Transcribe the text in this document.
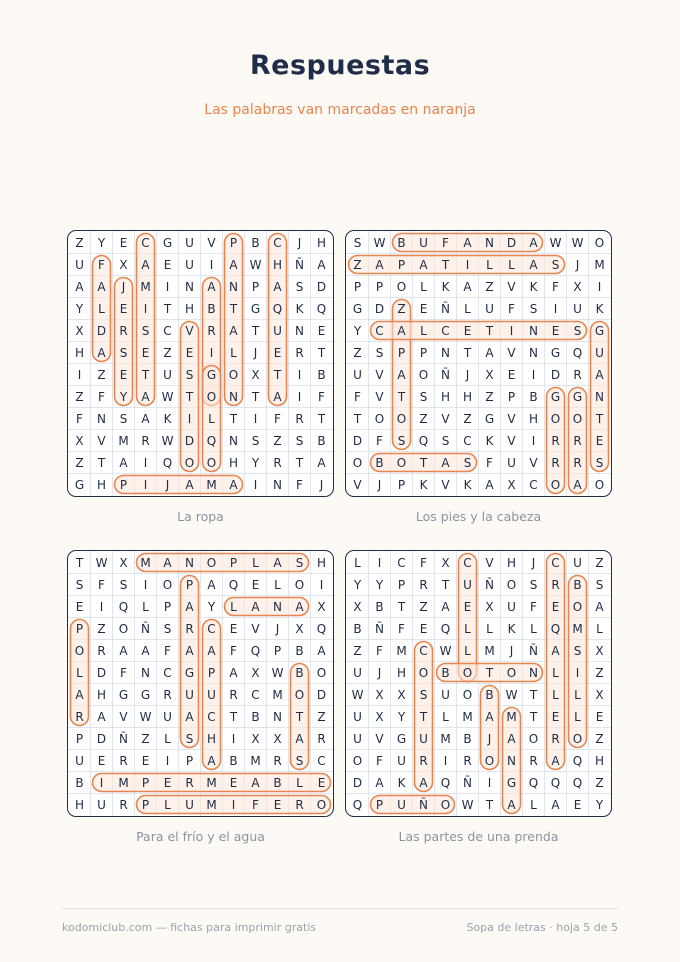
Respuestas
Las palabras van marcadas en naranja
Z Y E C G U V P B C J H
U F X A E U I A W H Ñ A
A A J M I N A N P A S D
Y L E I T H B T G Q K Q
X D R S C V R A T U N E
H A S E Z E I L J E R T
I Z E T U S G O X T I B
Z F Y A W T O N T A I F
F N S A K I L T I F R T
X V M R W D Q N S Z S B
Z T A I Q O O H Y R T A
G H P I J A M A I N F J
La ropa
S W B U F A N D A W W O
Z A P A T I L L A S J M
P P O L K A Z V K F X I
G D Z E Ñ L U F S I U K
Y C A L C E T I N E S G
Z S P P N T A V N G Q U
U V A O Ñ J X E I D R A
F V T S H H Z P B G G N
T O O Z V Z G V H O O T
D F S Q S C K V I R R E
O B O T A S F U V R R S
V J P K V K A X C O A O
Los pies y la cabeza
T W X M A N O P L A S H
S F S I O P A Q E L O I
E I Q L P A Y L A N A X
P Z O Ñ S R C E V J X Q
O R A A F A A F Q P B A
L D F N C G P A X W B O
A H G G R U U R C M O D
R A V W U A C T B N T Z
P D Ñ Z L S H I X X A R
U E R E I P A B M R S C
B I M P E R M E A B L E
H U R P L U M I F E R O
Para el frío y el agua
L I C F X C V H J C U Z
Y Y P R T U Ñ O S R B S
X B T Z A E X U F E O A
B Ñ F E Q L L K L Q M L
Z F M C W L M J Ñ A S X
U J H O B O T O N L I Z
W X X S U O B W T L L X
U X Y T L M A M T E L E
U V G U M B J A O R O Z
O F U R I R O N R A Q H
D A K A Q Ñ I G Q Q Q Z
Q P U Ñ O W T A L A E Y
Las partes de una prenda
kodomiclub.com — fichas para imprimir gratis	Sopa de letras · hoja 5 de 5
